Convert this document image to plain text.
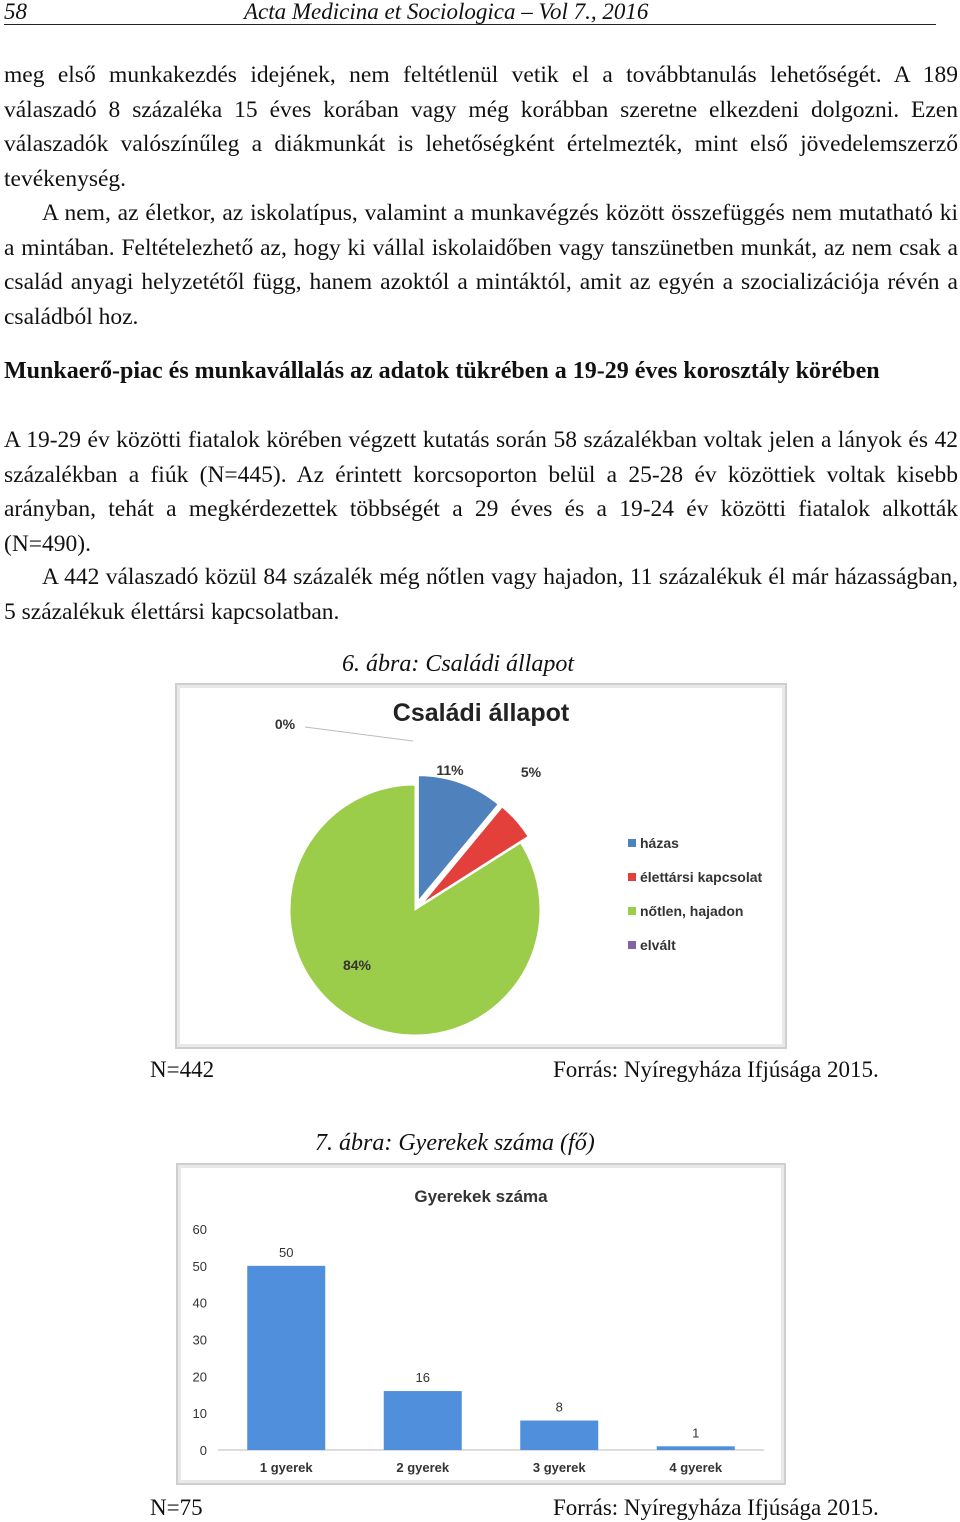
58	Acta Medicina et Sociologica – Vol 7., 2016

meg első munkakezdés idejének, nem feltétlenül vetik el a továbbtanulás lehetőségét. A 189 válaszadó 8 százaléka 15 éves korában vagy még korábban szeretne elkezdeni dolgozni. Ezen válaszadók valószínűleg a diákmunkát is lehetőségként értelmezték, mint első jövedelemszerző tevékenység.

A nem, az életkor, az iskolatípus, valamint a munkavégzés között összefüggés nem mutatható ki a mintában. Feltételezhető az, hogy ki vállal iskolaidőben vagy tanszünetben munkát, az nem csak a család anyagi helyzetétől függ, hanem azoktól a mintáktól, amit az egyén a szocializációja révén a családból hoz.

Munkaerő-piac és munkavállalás az adatok tükrében a 19-29 éves korosztály körében

A 19-29 év közötti fiatalok körében végzett kutatás során 58 százalékban voltak jelen a lányok és 42 százalékban a fiúk (N=445). Az érintett korcsoporton belül a 25-28 év közöttiek voltak kisebb arányban, tehát a megkérdezettek többségét a 29 éves és a 19-24 év közötti fiatalok alkották (N=490).

A 442 válaszadó közül 84 százalék még nőtlen vagy hajadon, 11 százalékuk él már házasságban, 5 százalékuk élettársi kapcsolatban.

6. ábra: Családi állapot
Családi állapot
11%	5%
84%
0%
házas
élettársi kapcsolat
nőtlen, hajadon
elvált
N=442	Forrás: Nyíregyháza Ifjúsága 2015.
7. ábra: Gyerekek száma (fő)
Gyerekek száma
0
10
20
30
40
50
60
50
1 gyerek
16
2 gyerek
8
3 gyerek
1
4 gyerek
N=75	Forrás: Nyíregyháza Ifjúsága 2015.
